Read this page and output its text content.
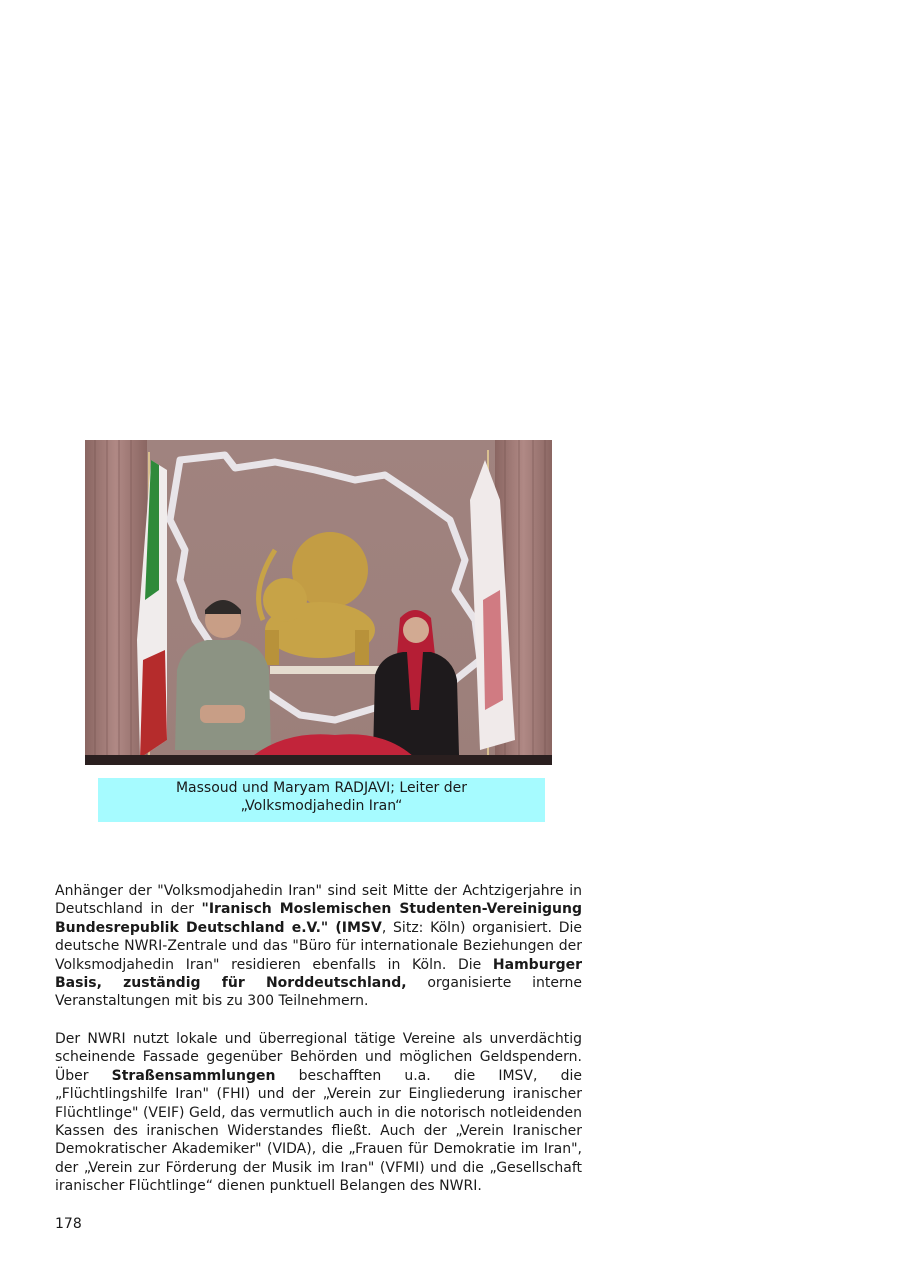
Massoud und Maryam RADJAVI; Leiter der
„Volksmodjahedin Iran“

Anhänger der "Volksmodjahedin Iran" sind seit Mitte der Achtzigerjahre in Deutschland in der "Iranisch Moslemischen Studenten-Vereinigung Bundesrepublik Deutschland e.V." (IMSV, Sitz: Köln) organisiert. Die deutsche NWRI-Zentrale und das "Büro für internationale Beziehungen der Volksmodjahedin Iran" residieren ebenfalls in Köln. Die Hamburger Basis, zuständig für Norddeutschland, organisierte interne Veranstaltungen mit bis zu 300 Teilnehmern.

Der NWRI nutzt lokale und überregional tätige Vereine als unverdächtig scheinende Fassade gegenüber Behörden und möglichen Geldspendern. Über Straßensammlungen beschafften u.a. die IMSV, die „Flüchtlingshilfe Iran" (FHI) und der „Verein zur Eingliederung iranischer Flüchtlinge" (VEIF) Geld, das vermutlich auch in die notorisch notleidenden Kassen des iranischen Widerstandes fließt. Auch der „Verein Iranischer Demokratischer Akademiker" (VIDA), die „Frauen für Demokratie im Iran", der „Verein zur Förderung der Musik im Iran" (VFMI) und die „Gesellschaft iranischer Flüchtlinge“ dienen punktuell Belangen des NWRI.

178
